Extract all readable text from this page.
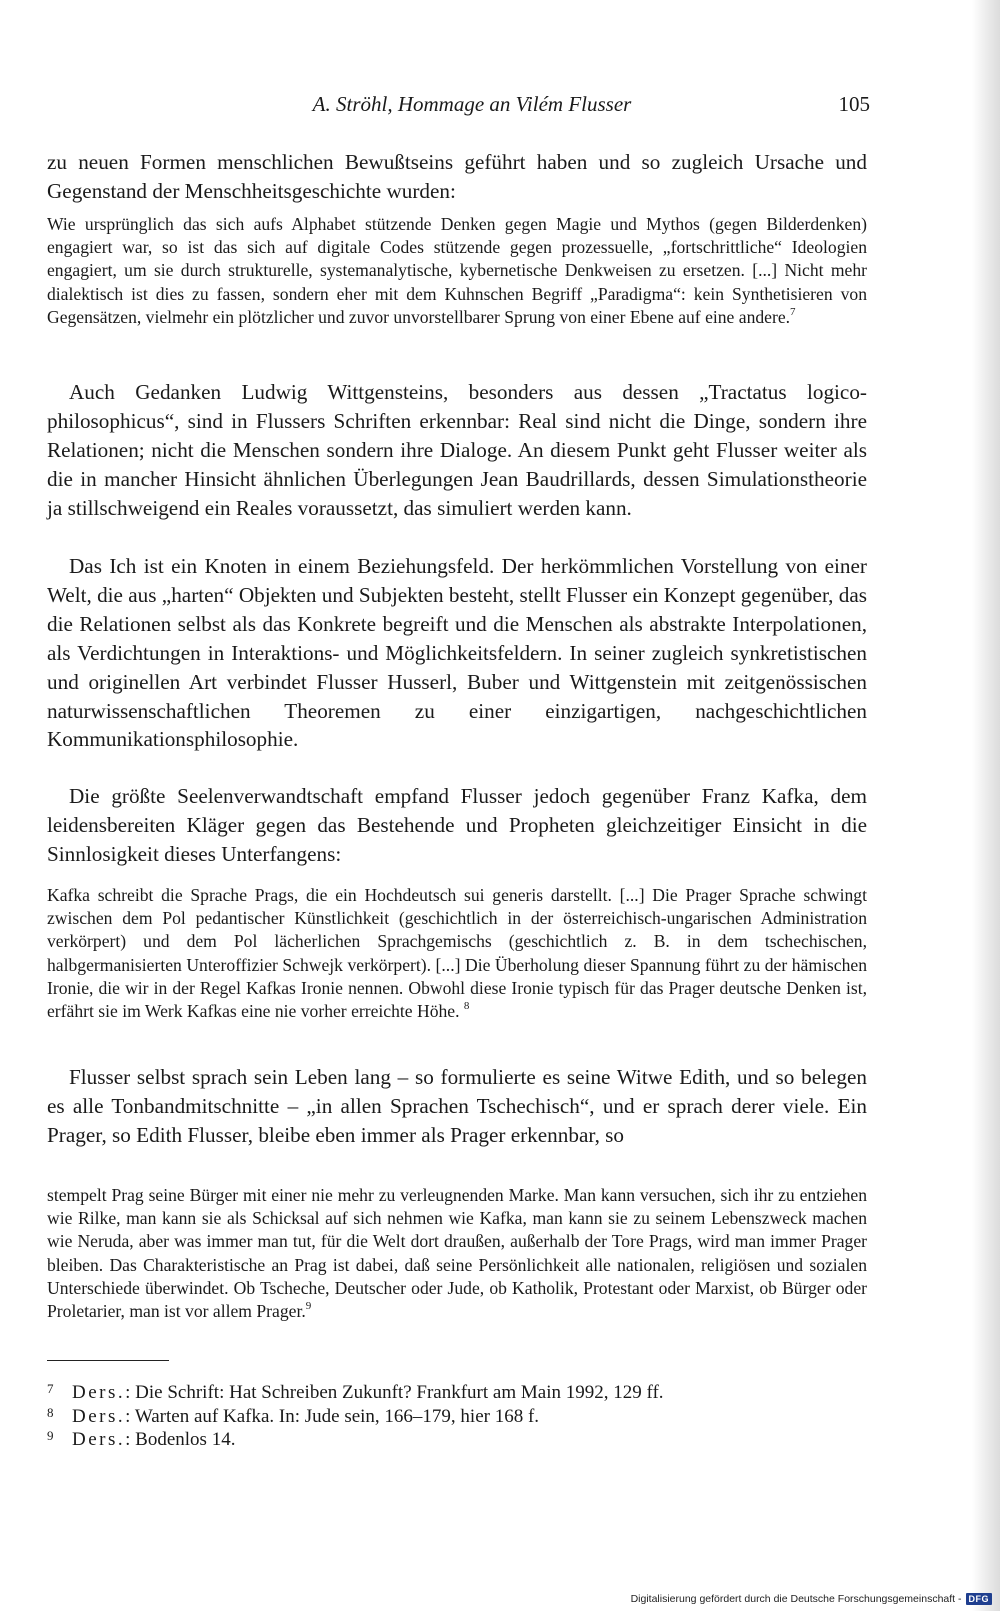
A. Ströhl, Hommage an Vilém Flusser	105

zu neuen Formen menschlichen Bewußtseins geführt haben und so zugleich Ursache und Gegenstand der Menschheitsgeschichte wurden:

Wie ursprünglich das sich aufs Alphabet stützende Denken gegen Magie und Mythos (gegen Bilderdenken) engagiert war, so ist das sich auf digitale Codes stützende gegen prozessuelle, „fortschrittliche“ Ideologien engagiert, um sie durch strukturelle, systemanalytische, kybernetische Denkweisen zu ersetzen. [...] Nicht mehr dialektisch ist dies zu fassen, sondern eher mit dem Kuhnschen Begriff „Paradigma“: kein Synthetisieren von Gegensätzen, vielmehr ein plötzlicher und zuvor unvorstellbarer Sprung von einer Ebene auf eine andere.$^7$

Auch Gedanken Ludwig Wittgensteins, besonders aus dessen „Tractatus logico-philosophicus“, sind in Flussers Schriften erkennbar: Real sind nicht die Dinge, sondern ihre Relationen; nicht die Menschen sondern ihre Dialoge. An diesem Punkt geht Flusser weiter als die in mancher Hinsicht ähnlichen Überlegungen Jean Baudrillards, dessen Simulationstheorie ja stillschweigend ein Reales voraussetzt, das simuliert werden kann.

Das Ich ist ein Knoten in einem Beziehungsfeld. Der herkömmlichen Vorstellung von einer Welt, die aus „harten“ Objekten und Subjekten besteht, stellt Flusser ein Konzept gegenüber, das die Relationen selbst als das Konkrete begreift und die Menschen als abstrakte Interpolationen, als Verdichtungen in Interaktions- und Möglichkeitsfeldern. In seiner zugleich synkretistischen und originellen Art verbindet Flusser Husserl, Buber und Wittgenstein mit zeitgenössischen naturwissenschaftlichen Theoremen zu einer einzigartigen, nachgeschichtlichen Kommunikationsphilosophie.

Die größte Seelenverwandtschaft empfand Flusser jedoch gegenüber Franz Kafka, dem leidensbereiten Kläger gegen das Bestehende und Propheten gleichzeitiger Einsicht in die Sinnlosigkeit dieses Unterfangens:

Kafka schreibt die Sprache Prags, die ein Hochdeutsch sui generis darstellt. [...] Die Prager Sprache schwingt zwischen dem Pol pedantischer Künstlichkeit (geschichtlich in der österreichisch-ungarischen Administration verkörpert) und dem Pol lächerlichen Sprachgemischs (geschichtlich z. B. in dem tschechischen, halbgermanisierten Unteroffizier Schwejk verkörpert). [...] Die Überholung dieser Spannung führt zu der hämischen Ironie, die wir in der Regel Kafkas Ironie nennen. Obwohl diese Ironie typisch für das Prager deutsche Denken ist, erfährt sie im Werk Kafkas eine nie vorher erreichte Höhe. $^8$

Flusser selbst sprach sein Leben lang – so formulierte es seine Witwe Edith, und so belegen es alle Tonbandmitschnitte – „in allen Sprachen Tschechisch“, und er sprach derer viele. Ein Prager, so Edith Flusser, bleibe eben immer als Prager erkennbar, so

stempelt Prag seine Bürger mit einer nie mehr zu verleugnenden Marke. Man kann versuchen, sich ihr zu entziehen wie Rilke, man kann sie als Schicksal auf sich nehmen wie Kafka, man kann sie zu seinem Lebenszweck machen wie Neruda, aber was immer man tut, für die Welt dort draußen, außerhalb der Tore Prags, wird man immer Prager bleiben. Das Charakteristische an Prag ist dabei, daß seine Persönlichkeit alle nationalen, religiösen und sozialen Unterschiede überwindet. Ob Tscheche, Deutscher oder Jude, ob Katholik, Protestant oder Marxist, ob Bürger oder Proletarier, man ist vor allem Prager.$^9$

7 Ders. : Die Schrift: Hat Schreiben Zukunft? Frankfurt am Main 1992, 129 ff.
8 Ders. : Warten auf Kafka. In: Jude sein, 166–179, hier 168 f.
9 Ders. : Bodenlos 14.
Digitalisierung gefördert durch die Deutsche Forschungsgemeinschaft - DFG
